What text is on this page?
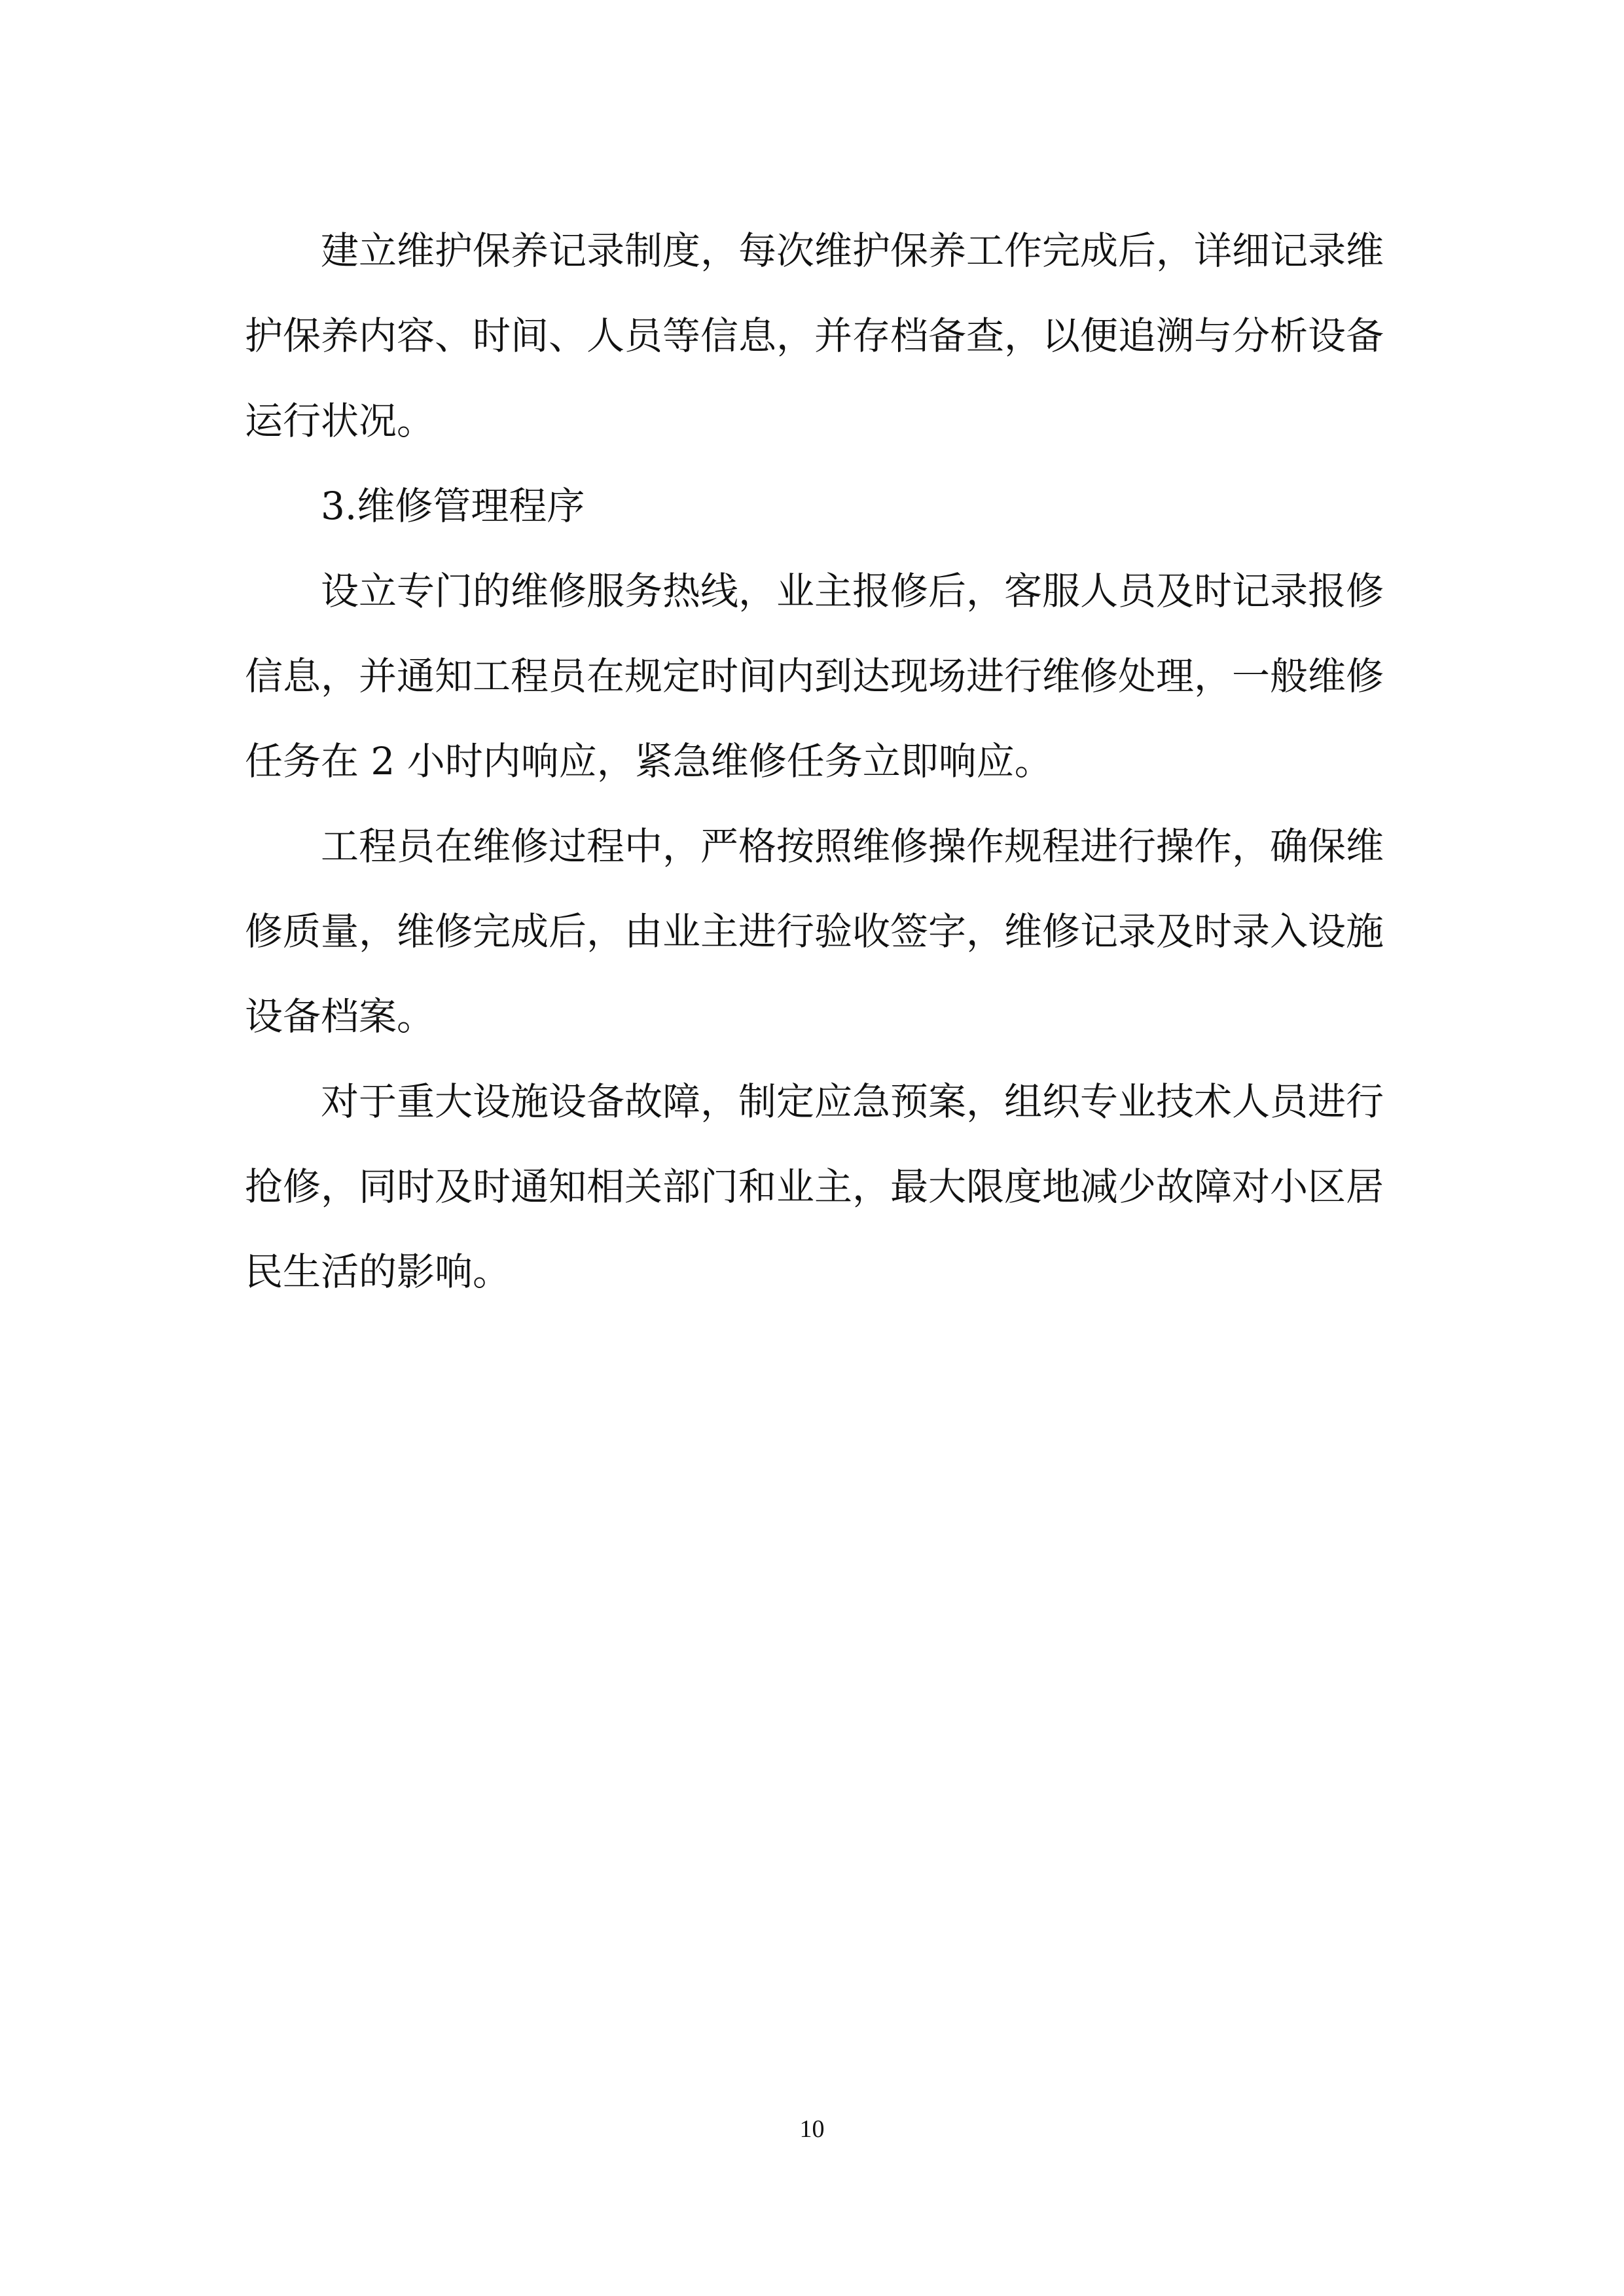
建立维护保养记录制度，每次维护保养工作完成后，详细记录维

护保养内容、时间、人员等信息，并存档备查，以便追溯与分析设备

运行状况。

3.维修管理程序

设立专门的维修服务热线，业主报修后，客服人员及时记录报修

信息，并通知工程员在规定时间内到达现场进行维修处理，一般维修

任务在 2 小时内响应，紧急维修任务立即响应。

工程员在维修过程中，严格按照维修操作规程进行操作，确保维

修质量，维修完成后，由业主进行验收签字，维修记录及时录入设施

设备档案。

对于重大设施设备故障，制定应急预案，组织专业技术人员进行

抢修，同时及时通知相关部门和业主，最大限度地减少故障对小区居

民生活的影响。

10
